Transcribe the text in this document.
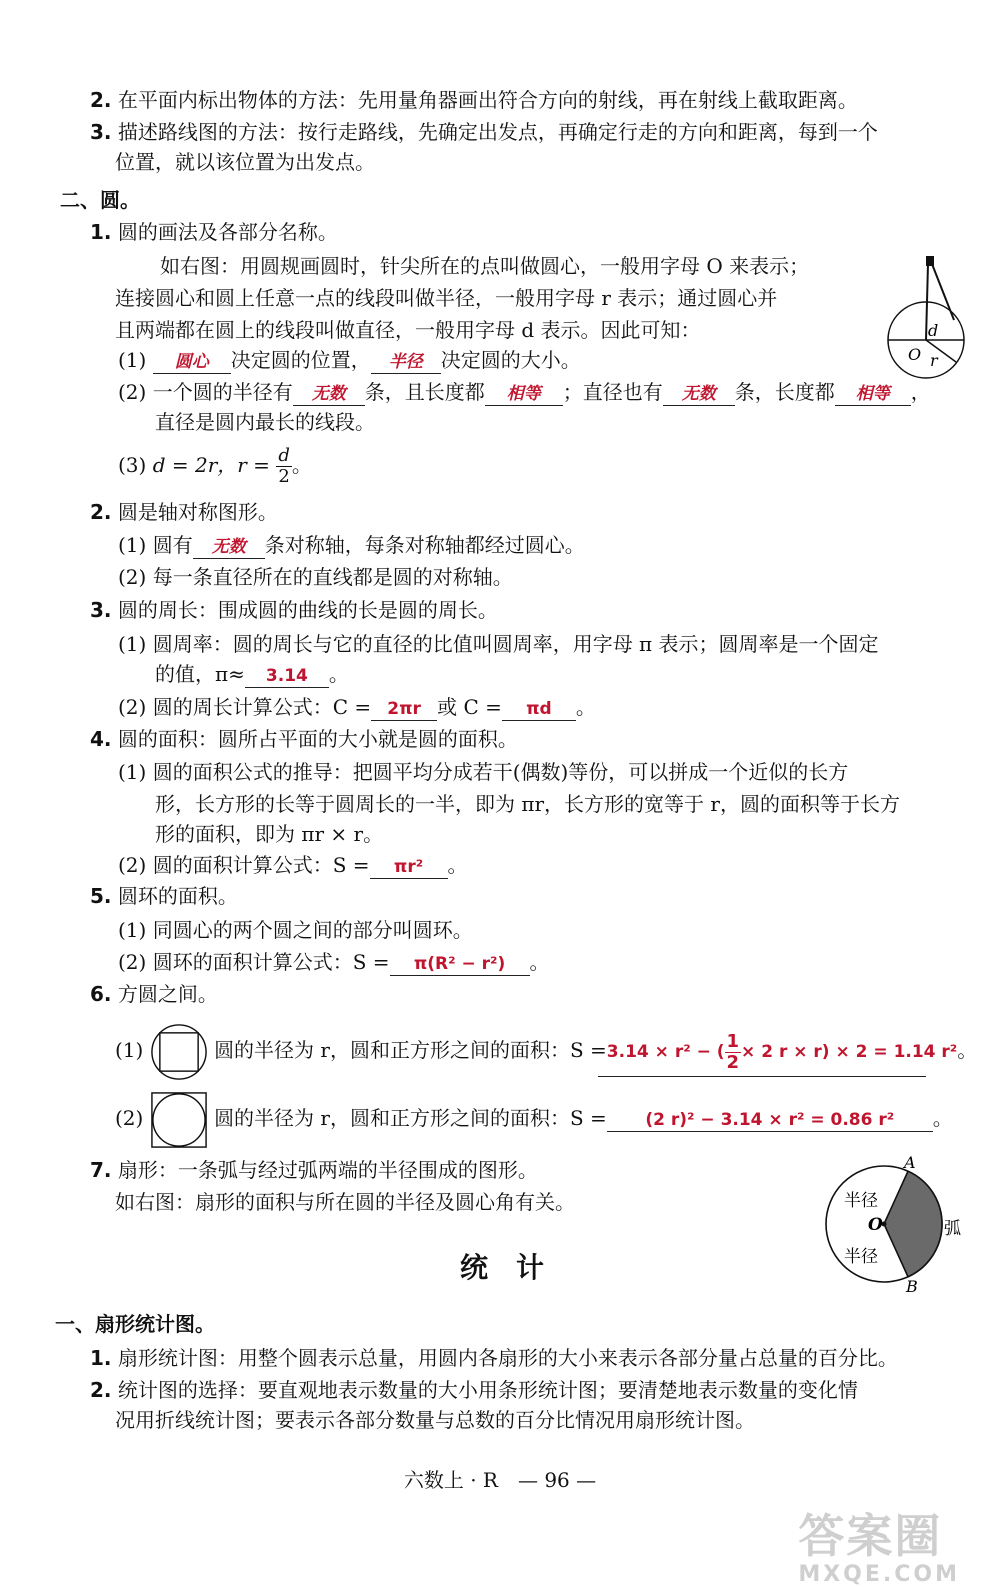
2. 在平面内标出物体的方法：先用量角器画出符合方向的射线，再在射线上截取距离。
3. 描述路线图的方法：按行走路线，先确定出发点，再确定行走的方向和距离，每到一个
位置，就以该位置为出发点。
二、圆。
1. 圆的画法及各部分名称。
如右图：用圆规画圆时，针尖所在的点叫做圆心，一般用字母 O 来表示；
连接圆心和圆上任意一点的线段叫做半径，一般用字母 r 表示；通过圆心并
且两端都在圆上的线段叫做直径，一般用字母 d 表示。因此可知：	d
O r
(1) 圆心 决定圆的位置， 半径 决定圆的大小。
(2) 一个圆的半径有 无数 条，且长度都 相等 ；直径也有 无数 条，长度都 相等 ，
直径是圆内最长的线段。
(3) d = 2r，$r = \frac{d}{2}$ 。
2. 圆是轴对称图形。
(1) 圆有 无数 条对称轴，每条对称轴都经过圆心。
(2) 每一条直径所在的直线都是圆的对称轴。
3. 圆的周长：围成圆的曲线的长是圆的周长。
(1) 圆周率：圆的周长与它的直径的比值叫圆周率，用字母 π 表示；圆周率是一个固定
的值，π≈ 3.14 。
(2) 圆的周长计算公式：C = 2πr 或 C = πd 。
4. 圆的面积：圆所占平面的大小就是圆的面积。
(1) 圆的面积公式的推导：把圆平均分成若干(偶数)等份，可以拼成一个近似的长方
形，长方形的长等于圆周长的一半，即为 πr，长方形的宽等于 r，圆的面积等于长方
形的面积，即为 πr × r。
(2) 圆的面积计算公式：S = πr² 。
5. 圆环的面积。
(1) 同圆心的两个圆之间的部分叫圆环。
(2) 圆环的面积计算公式：S = π(R² − r²) 。
6. 方圆之间。
(1)	圆的半径为 r，圆和正方形之间的面积：S =3.14 × r² − ( $\frac{1}{2} \times 2$ r × r) × 2 = 1.14 r²。
(2)	圆的半径为 r，圆和正方形之间的面积：S = (2 r)² − 3.14 × r² = 0.86 r² 。
7. 扇形：一条弧与经过弧两端的半径围成的图形。
如右图：扇形的面积与所在圆的半径及圆心角有关。
A
B
O
半径
半径
弧
统计
一、扇形统计图。
1. 扇形统计图：用整个圆表示总量，用圆内各扇形的大小来表示各部分量占总量的百分比。
2. 统计图的选择：要直观地表示数量的大小用条形统计图；要清楚地表示数量的变化情
况用折线统计图；要表示各部分数量与总数的百分比情况用扇形统计图。
六数上 · R　— 96 —
答案圈
MXQE.COM
